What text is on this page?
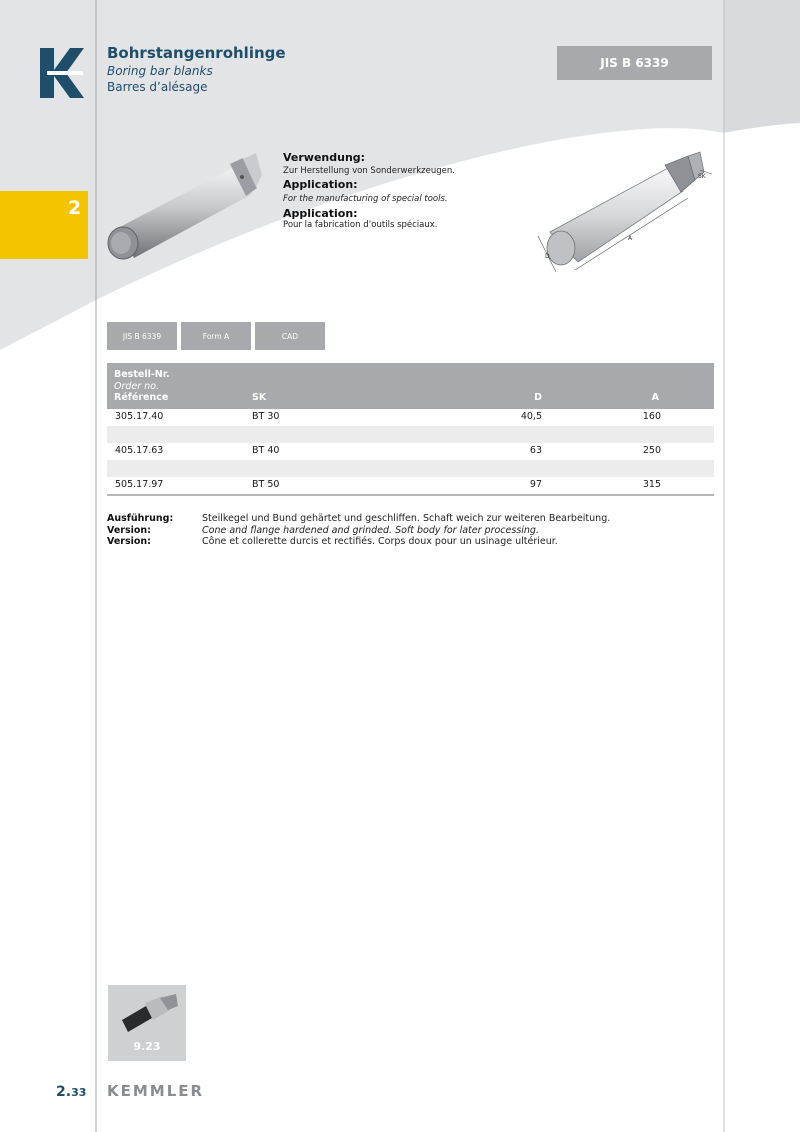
SK
D
A
Bohrstangenrohlinge
Boring bar blanks
Barres d’alésage
JIS B 6339
2
Verwendung:
Zur Herstellung von Sonderwerkzeugen.
Application:
For the manufacturing of special tools.
Application:
Pour la fabrication d’outils spéciaux.
JIS B 6339	Form A	CAD
Bestell-Nr.
Order no.
Référence	SK	D	A
305.17.40	BT 30	40,5	160
405.17.63	BT 40	63	250
505.17.97	BT 50	97	315
Ausführung:	Steilkegel und Bund gehärtet und geschliffen. Schaft weich zur weiteren Bearbeitung.
Version:	Cone and flange hardened and grinded. Soft body for later processing.
Version:	Cône et collerette durcis et rectifiés. Corps doux pour un usinage ultérieur.
9.23
2.33 KEMMLER
